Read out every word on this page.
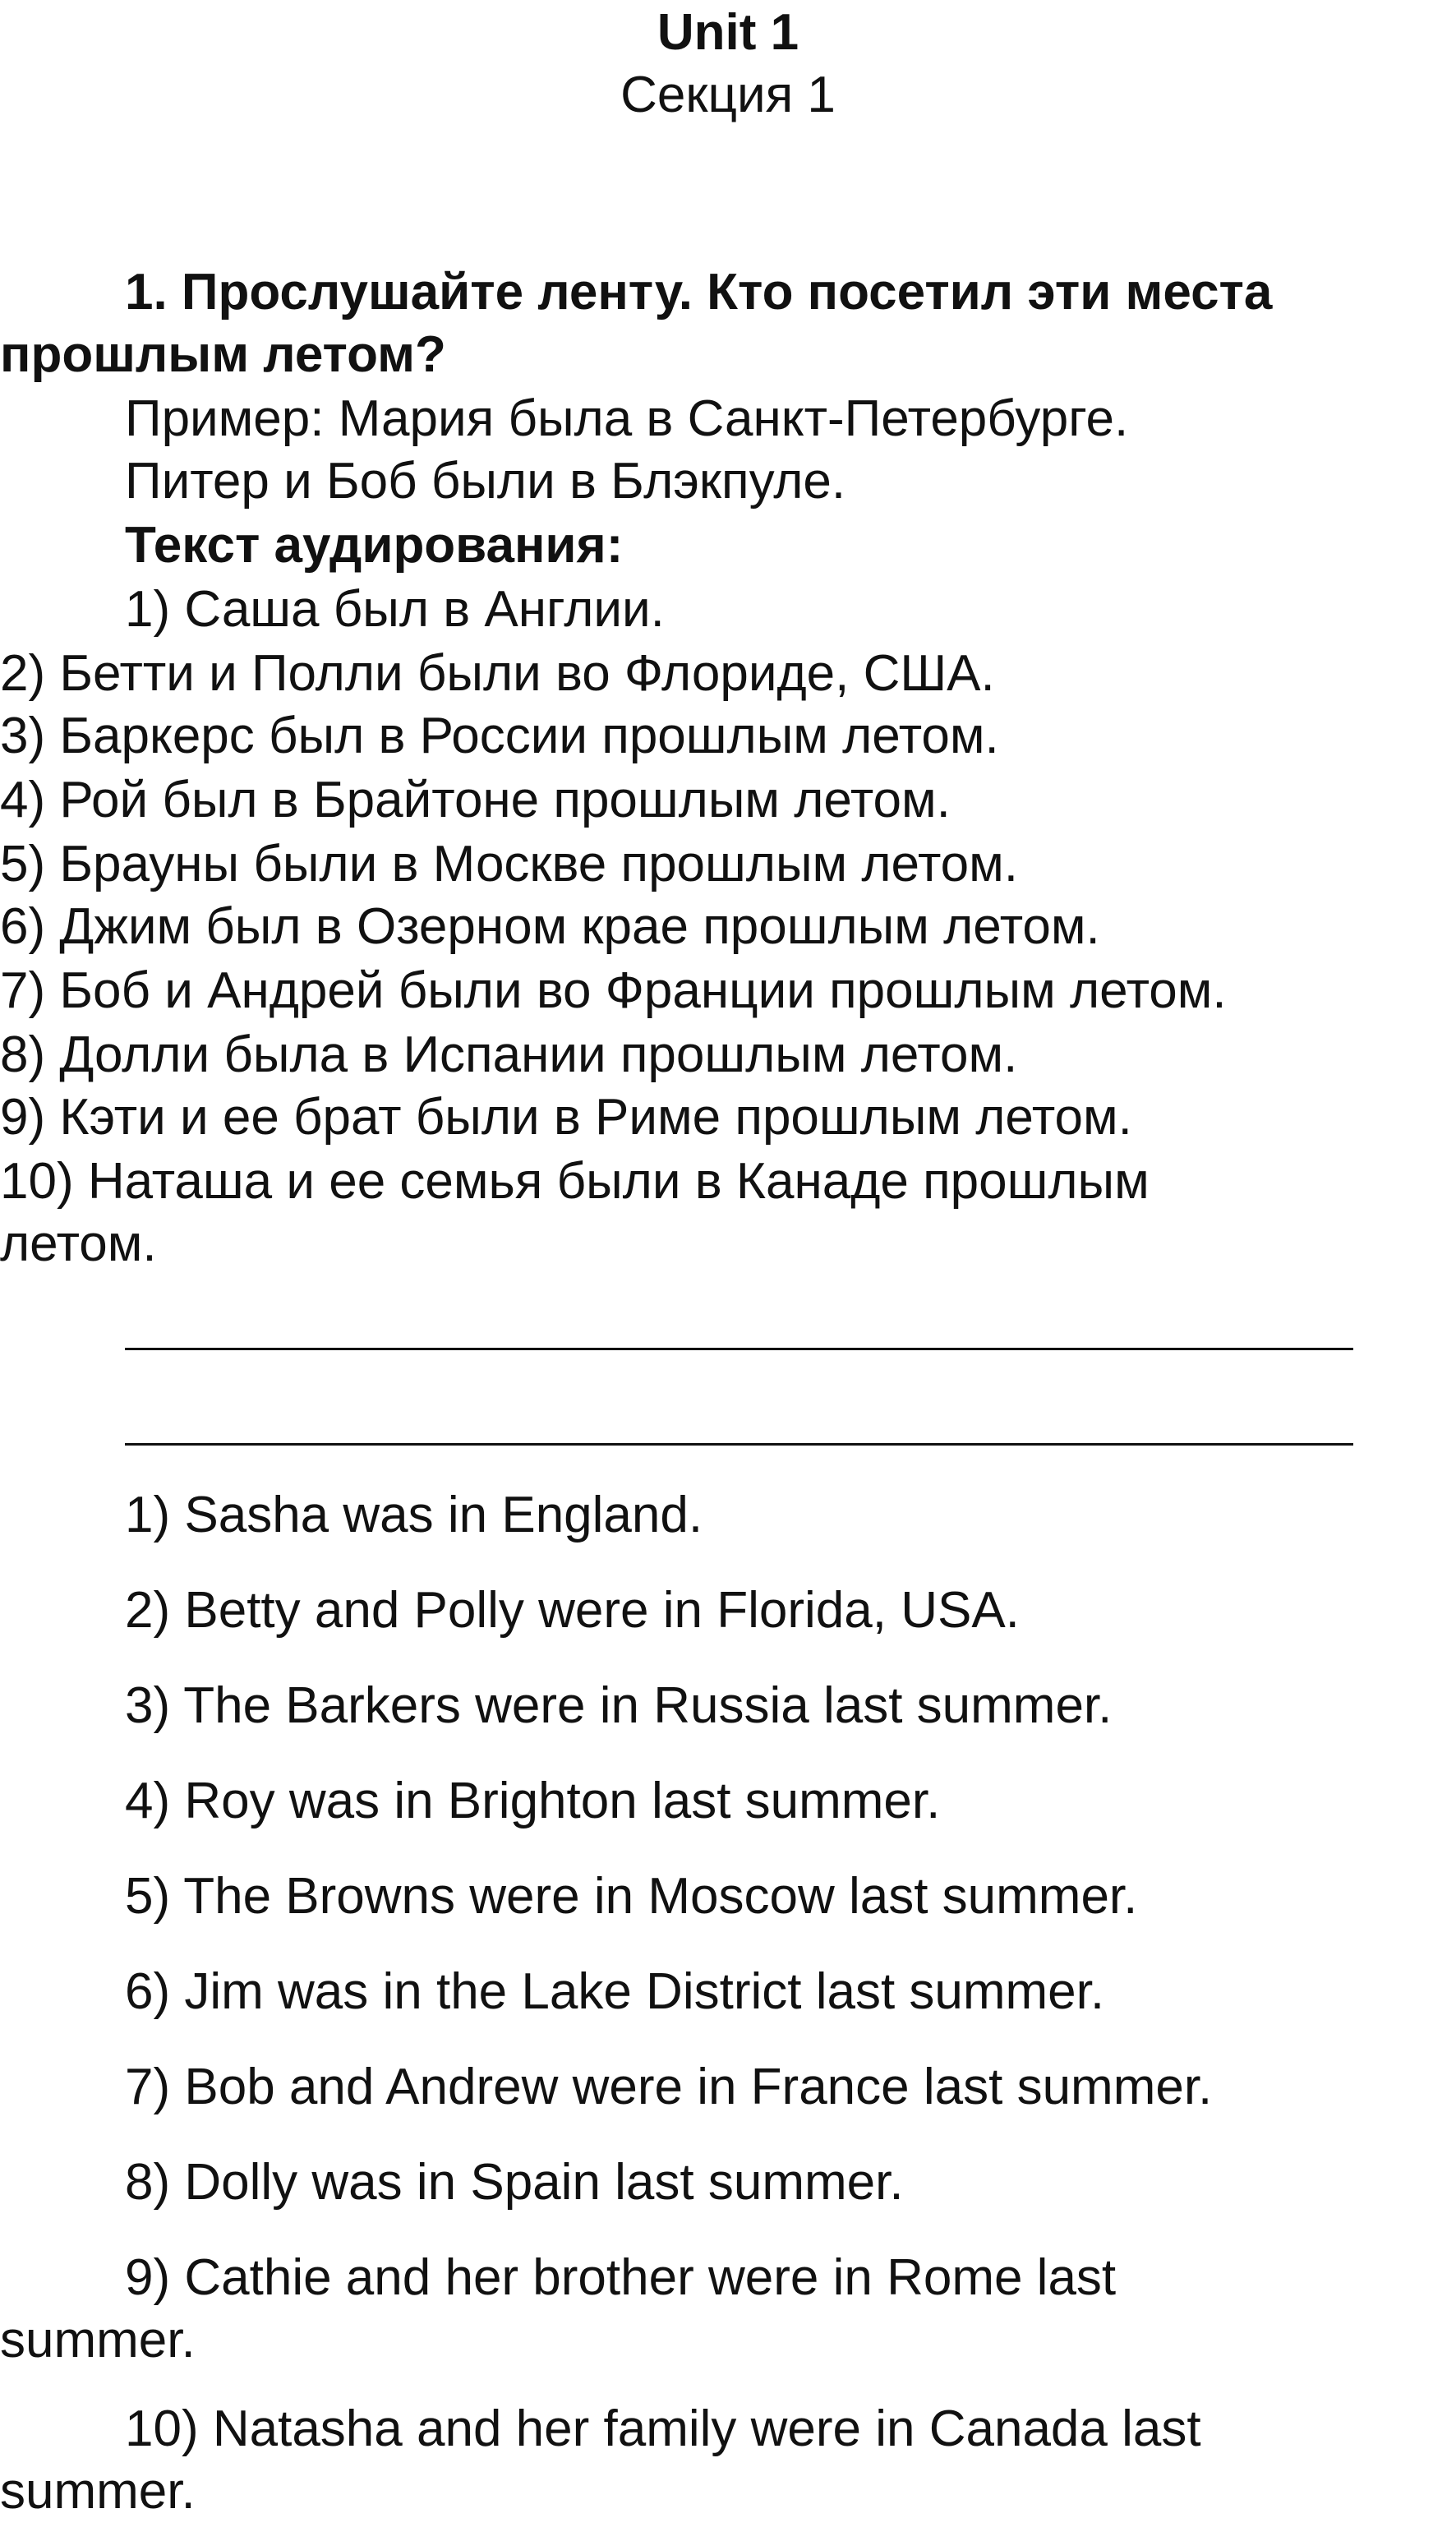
Unit 1
Секция 1
1. Прослушайте ленту. Кто посетил эти места
прошлым летом?
Пример: Мария была в Санкт-Петербурге.
Питер и Боб были в Блэкпуле.
Текст аудирования:
1) Саша был в Англии.
2) Бетти и Полли были во Флориде, США.
3) Баркерс был в России прошлым летом.
4) Рой был в Брайтоне прошлым летом.
5) Брауны были в Москве прошлым летом.
6) Джим был в Озерном крае прошлым летом.
7) Боб и Андрей были во Франции прошлым летом.
8) Долли была в Испании прошлым летом.
9) Кэти и ее брат были в Риме прошлым летом.
10) Наташа и ее семья были в Канаде прошлым
летом.
1) Sasha was in England.
2) Betty and Polly were in Florida, USA.
3) The Barkers were in Russia last summer.
4) Roy was in Brighton last summer.
5) The Browns were in Moscow last summer.
6) Jim was in the Lake District last summer.
7) Bob and Andrew were in France last summer.
8) Dolly was in Spain last summer.
9) Cathie and her brother were in Rome last
summer.
10) Natasha and her family were in Canada last
summer.
